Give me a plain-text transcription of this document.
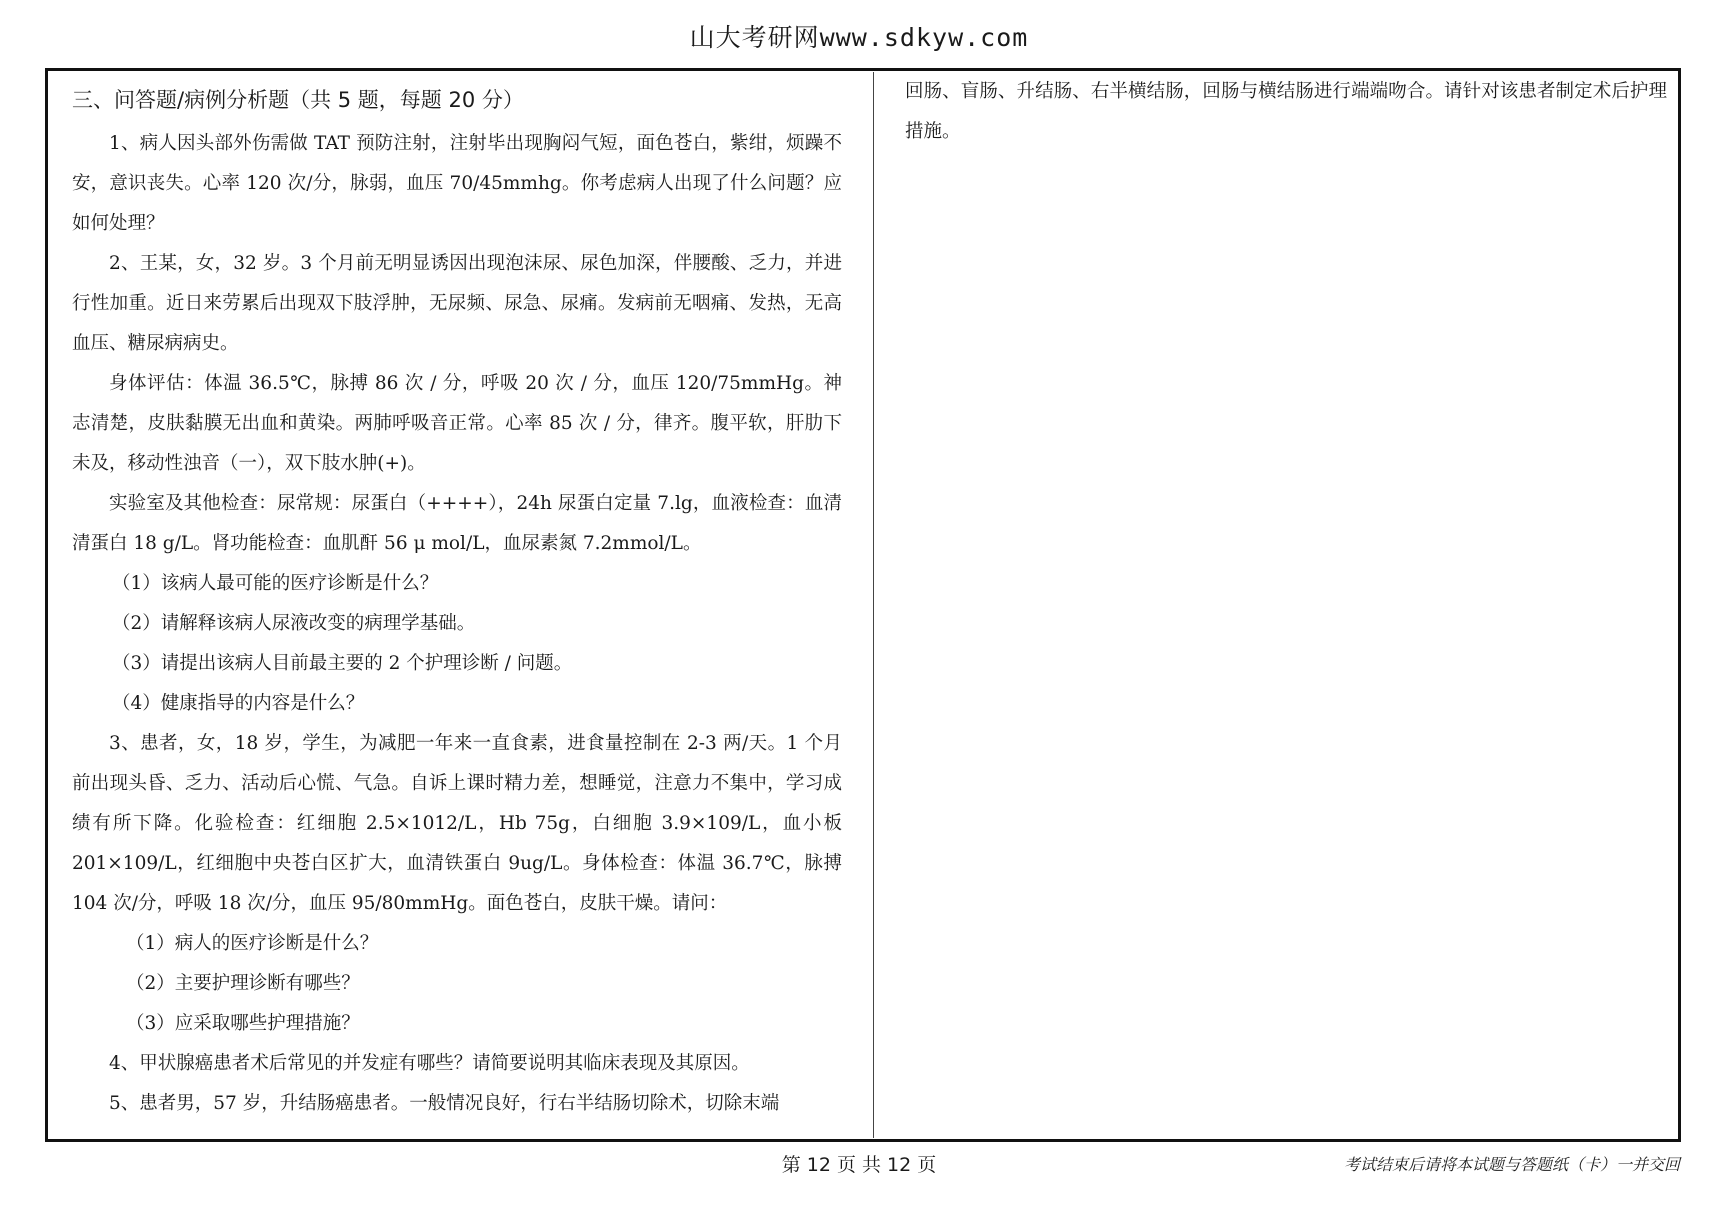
山大考研网www.sdkyw.com

三、问答题/病例分析题（共 5 题，每题 20 分）

1、病人因头部外伤需做 TAT 预防注射，注射毕出现胸闷气短，面色苍白，紫绀，烦躁不安，意识丧失。心率 120 次/分，脉弱，血压 70/45mmhg。你考虑病人出现了什么问题？应如何处理？

2、王某，女，32 岁。3 个月前无明显诱因出现泡沫尿、尿色加深，伴腰酸、乏力，并进行性加重。近日来劳累后出现双下肢浮肿，无尿频、尿急、尿痛。发病前无咽痛、发热，无高血压、糖尿病病史。

身体评估：体温 36.5℃，脉搏 86 次 / 分，呼吸 20 次 / 分，血压 120/75mmHg。神志清楚，皮肤黏膜无出血和黄染。两肺呼吸音正常。心率 85 次 / 分，律齐。腹平软，肝肋下未及，移动性浊音（一），双下肢水肿(+)。

实验室及其他检查：尿常规：尿蛋白（++++），24h 尿蛋白定量 7.lg，血液检查：血清清蛋白 18 g/L。肾功能检查：血肌酐 56 μ mol/L，血尿素氮 7.2mmol/L。

（1）该病人最可能的医疗诊断是什么？

（2）请解释该病人尿液改变的病理学基础。

（3）请提出该病人目前最主要的 2 个护理诊断 / 问题。

（4）健康指导的内容是什么？

3、患者，女，18 岁，学生，为减肥一年来一直食素，进食量控制在 2-3 两/天。1 个月前出现头昏、乏力、活动后心慌、气急。自诉上课时精力差，想睡觉，注意力不集中，学习成绩有所下降。化验检查：红细胞 2.5×1012/L，Hb 75g，白细胞 3.9×109/L，血小板 201×109/L，红细胞中央苍白区扩大，血清铁蛋白 9ug/L。身体检查：体温 36.7℃，脉搏 104 次/分，呼吸 18 次/分，血压 95/80mmHg。面色苍白，皮肤干燥。请问：

（1）病人的医疗诊断是什么？

（2）主要护理诊断有哪些？

（3）应采取哪些护理措施？

4、甲状腺癌患者术后常见的并发症有哪些？请简要说明其临床表现及其原因。

5、患者男，57 岁，升结肠癌患者。一般情况良好，行右半结肠切除术，切除末端

回肠、盲肠、升结肠、右半横结肠，回肠与横结肠进行端端吻合。请针对该患者制定术后护理措施。

第 12 页 共 12 页	考试结束后请将本试题与答题纸（卡）一并交回
